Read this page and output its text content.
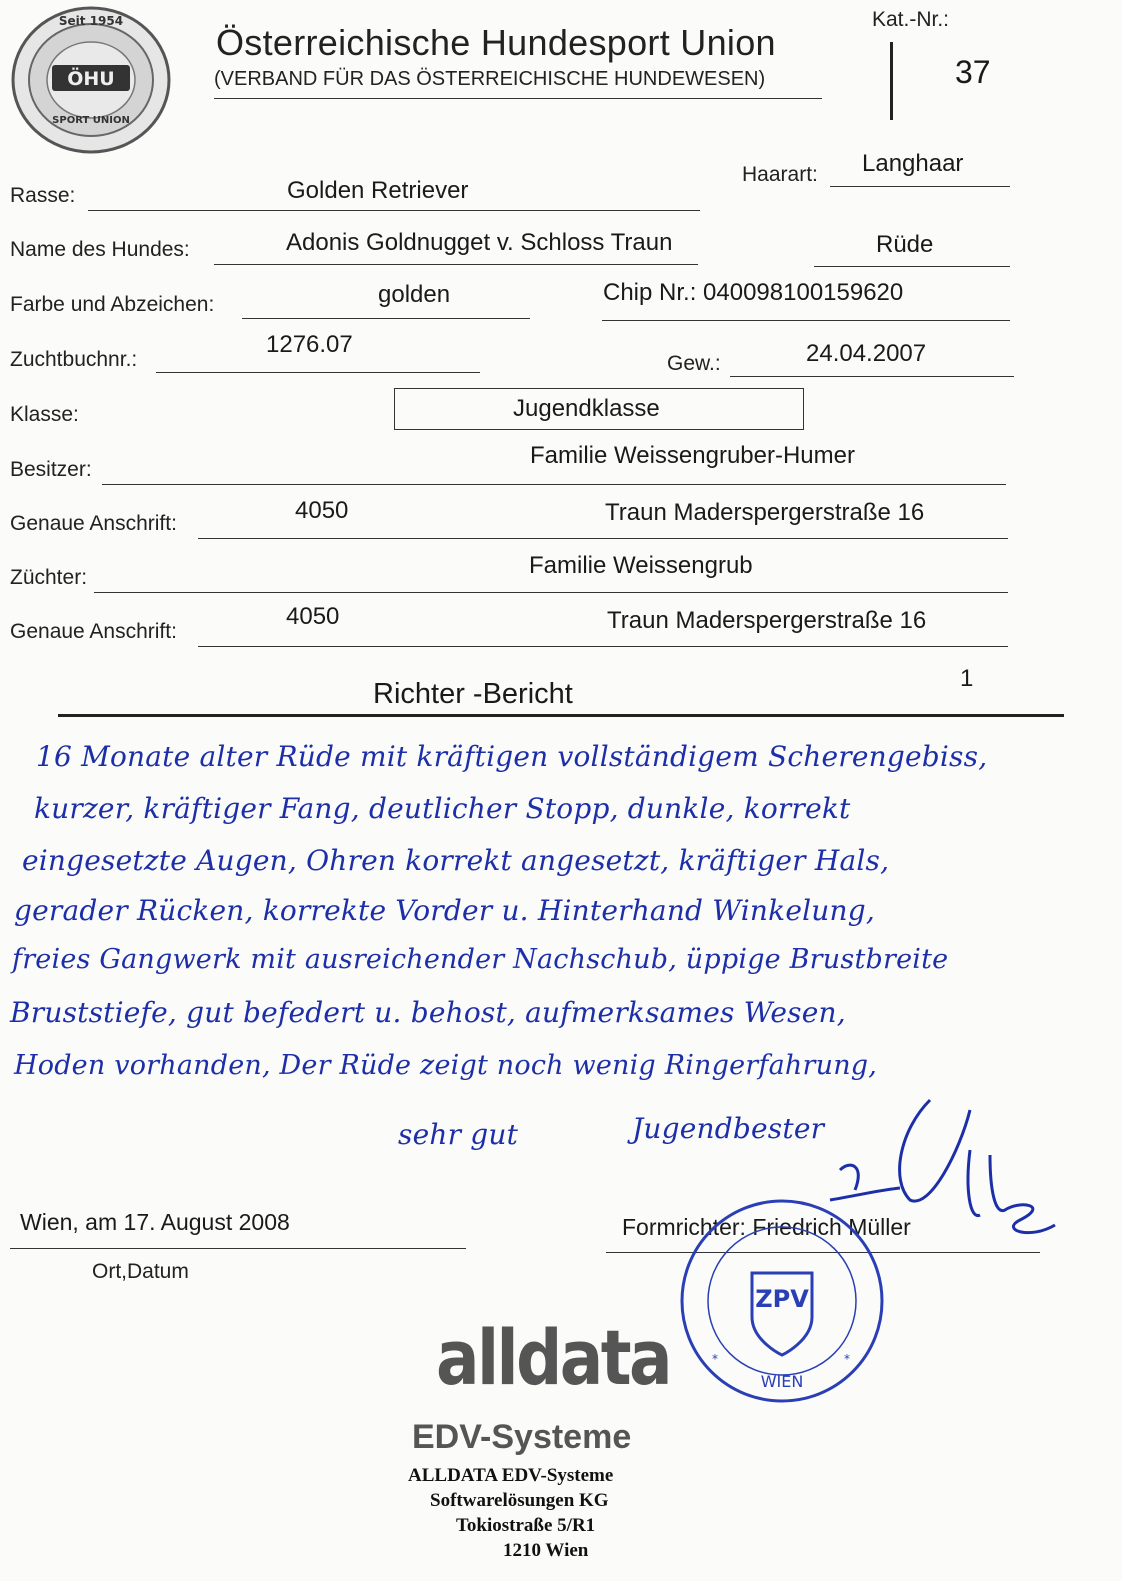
ÖHU
Seit 1954
SPORT UNION
Österreichische Hundesport Union
(VERBAND FÜR DAS ÖSTERREICHISCHE HUNDEWESEN)
Kat.-Nr.:
37
Haarart: Langhaar
Rasse:	Golden Retriever
Name des Hundes:	Adonis Goldnugget v. Schloss Traun	Rüde
Farbe und Abzeichen:	golden	Chip Nr.: 040098100159620
Zuchtbuchnr.:
1276.07
Gew.:	24.04.2007
Klasse:	Jugendklasse
Besitzer:
Familie Weissengruber-Humer
Genaue Anschrift:	4050	Traun Maderspergerstraße 16
Züchter:	Familie Weissengrub
Genaue Anschrift:
4050	Traun Maderspergerstraße 16
Richter -Bericht	1
16 Monate alter Rüde mit kräftigen vollständigem Scherengebiss,
kurzer, kräftiger Fang, deutlicher Stopp, dunkle, korrekt
eingesetzte Augen, Ohren korrekt angesetzt, kräftiger Hals,
gerader Rücken, korrekte Vorder u. Hinterhand Winkelung,
freies Gangwerk mit ausreichender Nachschub, üppige Brustbreite
Bruststiefe, gut befedert u. behost, aufmerksames Wesen,
Hoden vorhanden, Der Rüde zeigt noch wenig Ringerfahrung,
sehr gut	Jugendbester
Wien, am 17. August 2008
Ort,Datum
Formrichter: Friedrich Müller
ZPV
WIEN
*	*
alldata
EDV-Systeme
ALLDATA EDV-Systeme
Softwarelösungen KG
Tokiostraße 5/R1
1210 Wien
